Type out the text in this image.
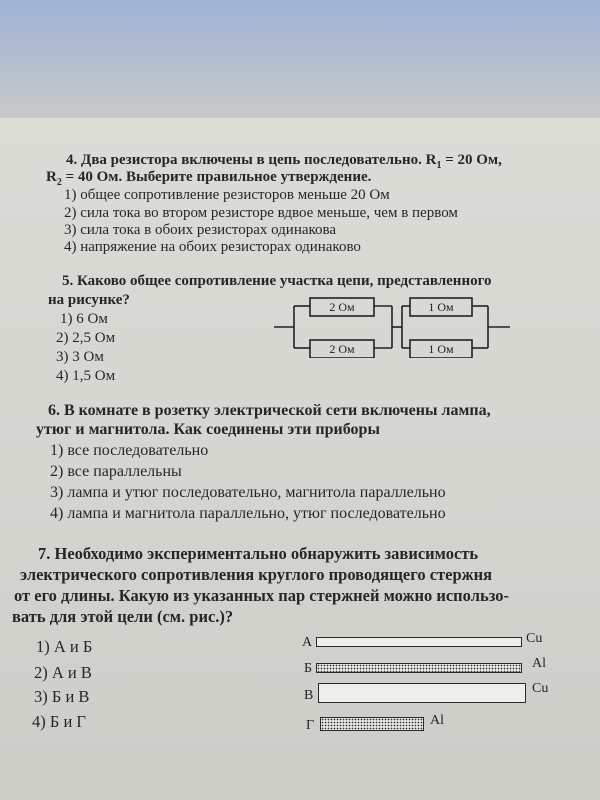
4. Два резистора включены в цепь последовательно. $R_1 = 20$ Ом,
$R_2 = 40$ Ом. Выберите правильное утверждение.
1) общее сопротивление резисторов меньше 20 Ом
2) сила тока во втором резисторе вдвое меньше, чем в первом
3) сила тока в обоих резисторах одинакова
4) напряжение на обоих резисторах одинаково
5. Каково общее сопротивление участка цепи, представленного
на рисунке?
1) 6 Ом
2) 2,5 Ом
3) 3 Ом
4) 1,5 Ом
2 Ом
2 Ом
1 Ом
1 Ом
6. В комнате в розетку электрической сети включены лампа,
утюг и магнитола. Как соединены эти приборы
1) все последовательно
2) все параллельны
3) лампа и утюг последовательно, магнитола параллельно
4) лампа и магнитола параллельно, утюг последовательно
7. Необходимо экспериментально обнаружить зависимость
электрического сопротивления круглого проводящего стержня
от его длины. Какую из указанных пар стержней можно использо-
вать для этой цели (см. рис.)?
1) А и Б
2) А и В
3) Б и В
4) Б и Г
А	Cu
Б	Al
В	Cu
Г	Al
